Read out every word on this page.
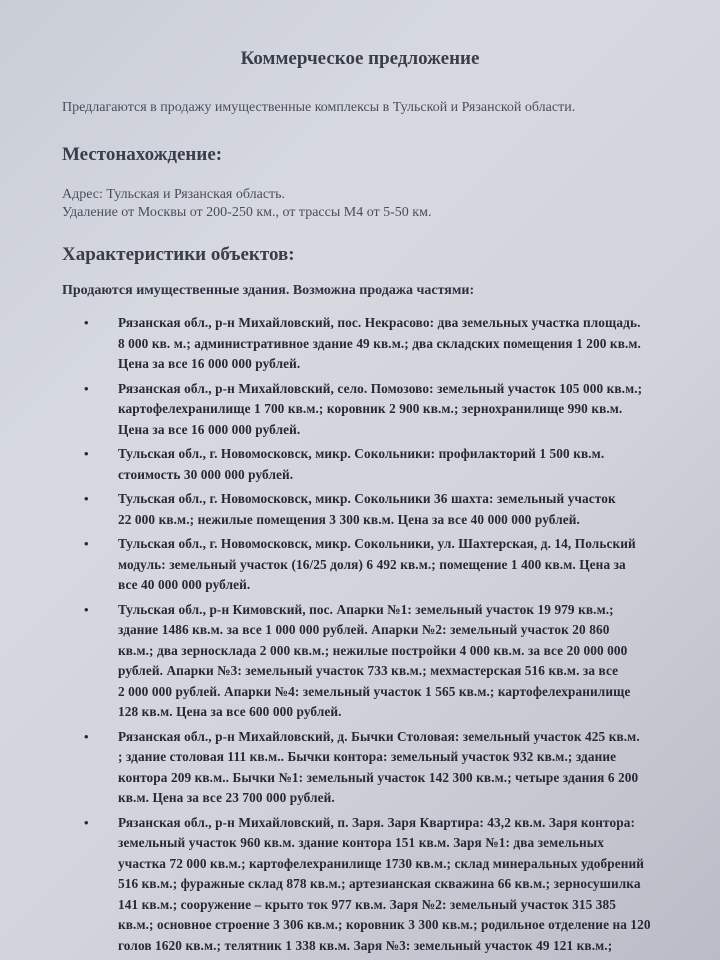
Коммерческое предложение
Предлагаются в продажу имущественные комплексы в Тульской и Рязанской области.
Местонахождение:
Адрес: Тульская и Рязанская область.
Удаление от Москвы от 200-250 км., от трассы М4 от 5-50 км.
Характеристики объектов:
Продаются имущественные здания. Возможна продажа частями:
• Рязанская обл., р-н Михайловский, пос. Некрасово: два земельных участка площадь.
8 000 кв. м.; административное здание 49 кв.м.; два складских помещения 1 200 кв.м.
Цена за все 16 000 000 рублей.
• Рязанская обл., р-н Михайловский, село. Помозово: земельный участок 105 000 кв.м.;
картофелехранилище 1 700 кв.м.; коровник 2 900 кв.м.; зернохранилище 990 кв.м.
Цена за все 16 000 000 рублей.
• Тульская обл., г. Новомосковск, микр. Сокольники: профилакторий 1 500 кв.м.
стоимость 30 000 000 рублей.
• Тульская обл., г. Новомосковск, микр. Сокольники 36 шахта: земельный участок
22 000 кв.м.; нежилые помещения 3 300 кв.м. Цена за все 40 000 000 рублей.
• Тульская обл., г. Новомосковск, микр. Сокольники, ул. Шахтерская, д. 14, Польский
модуль: земельный участок (16/25 доля) 6 492 кв.м.; помещение 1 400 кв.м. Цена за
все 40 000 000 рублей.
• Тульская обл., р-н Кимовский, пос. Апарки №1: земельный участок 19 979 кв.м.;
здание 1486 кв.м. за все 1 000 000 рублей. Апарки №2: земельный участок 20 860
кв.м.; два зерносклада 2 000 кв.м.; нежилые постройки 4 000 кв.м. за все 20 000 000
рублей. Апарки №3: земельный участок 733 кв.м.; мехмастерская 516 кв.м. за все
2 000 000 рублей. Апарки №4: земельный участок 1 565 кв.м.; картофелехранилище
128 кв.м. Цена за все 600 000 рублей.
• Рязанская обл., р-н Михайловский, д. Бычки Столовая: земельный участок 425 кв.м.
; здание столовая 111 кв.м.. Бычки контора: земельный участок 932 кв.м.; здание
контора 209 кв.м.. Бычки №1: земельный участок 142 300 кв.м.; четыре здания 6 200
кв.м. Цена за все 23 700 000 рублей.
• Рязанская обл., р-н Михайловский, п. Заря. Заря Квартира: 43,2 кв.м. Заря контора:
земельный участок 960 кв.м. здание контора 151 кв.м. Заря №1: два земельных
участка 72 000 кв.м.; картофелехранилище 1730 кв.м.; склад минеральных удобрений
516 кв.м.; фуражные склад 878 кв.м.; артезианская скважина 66 кв.м.; зерносушилка
141 кв.м.; сооружение – крыто ток 977 кв.м. Заря №2: земельный участок 315 385
кв.м.; основное строение 3 306 кв.м.; коровник 3 300 кв.м.; родильное отделение на 120
голов 1620 кв.м.; телятник 1 338 кв.м. Заря №3: земельный участок 49 121 кв.м.;
